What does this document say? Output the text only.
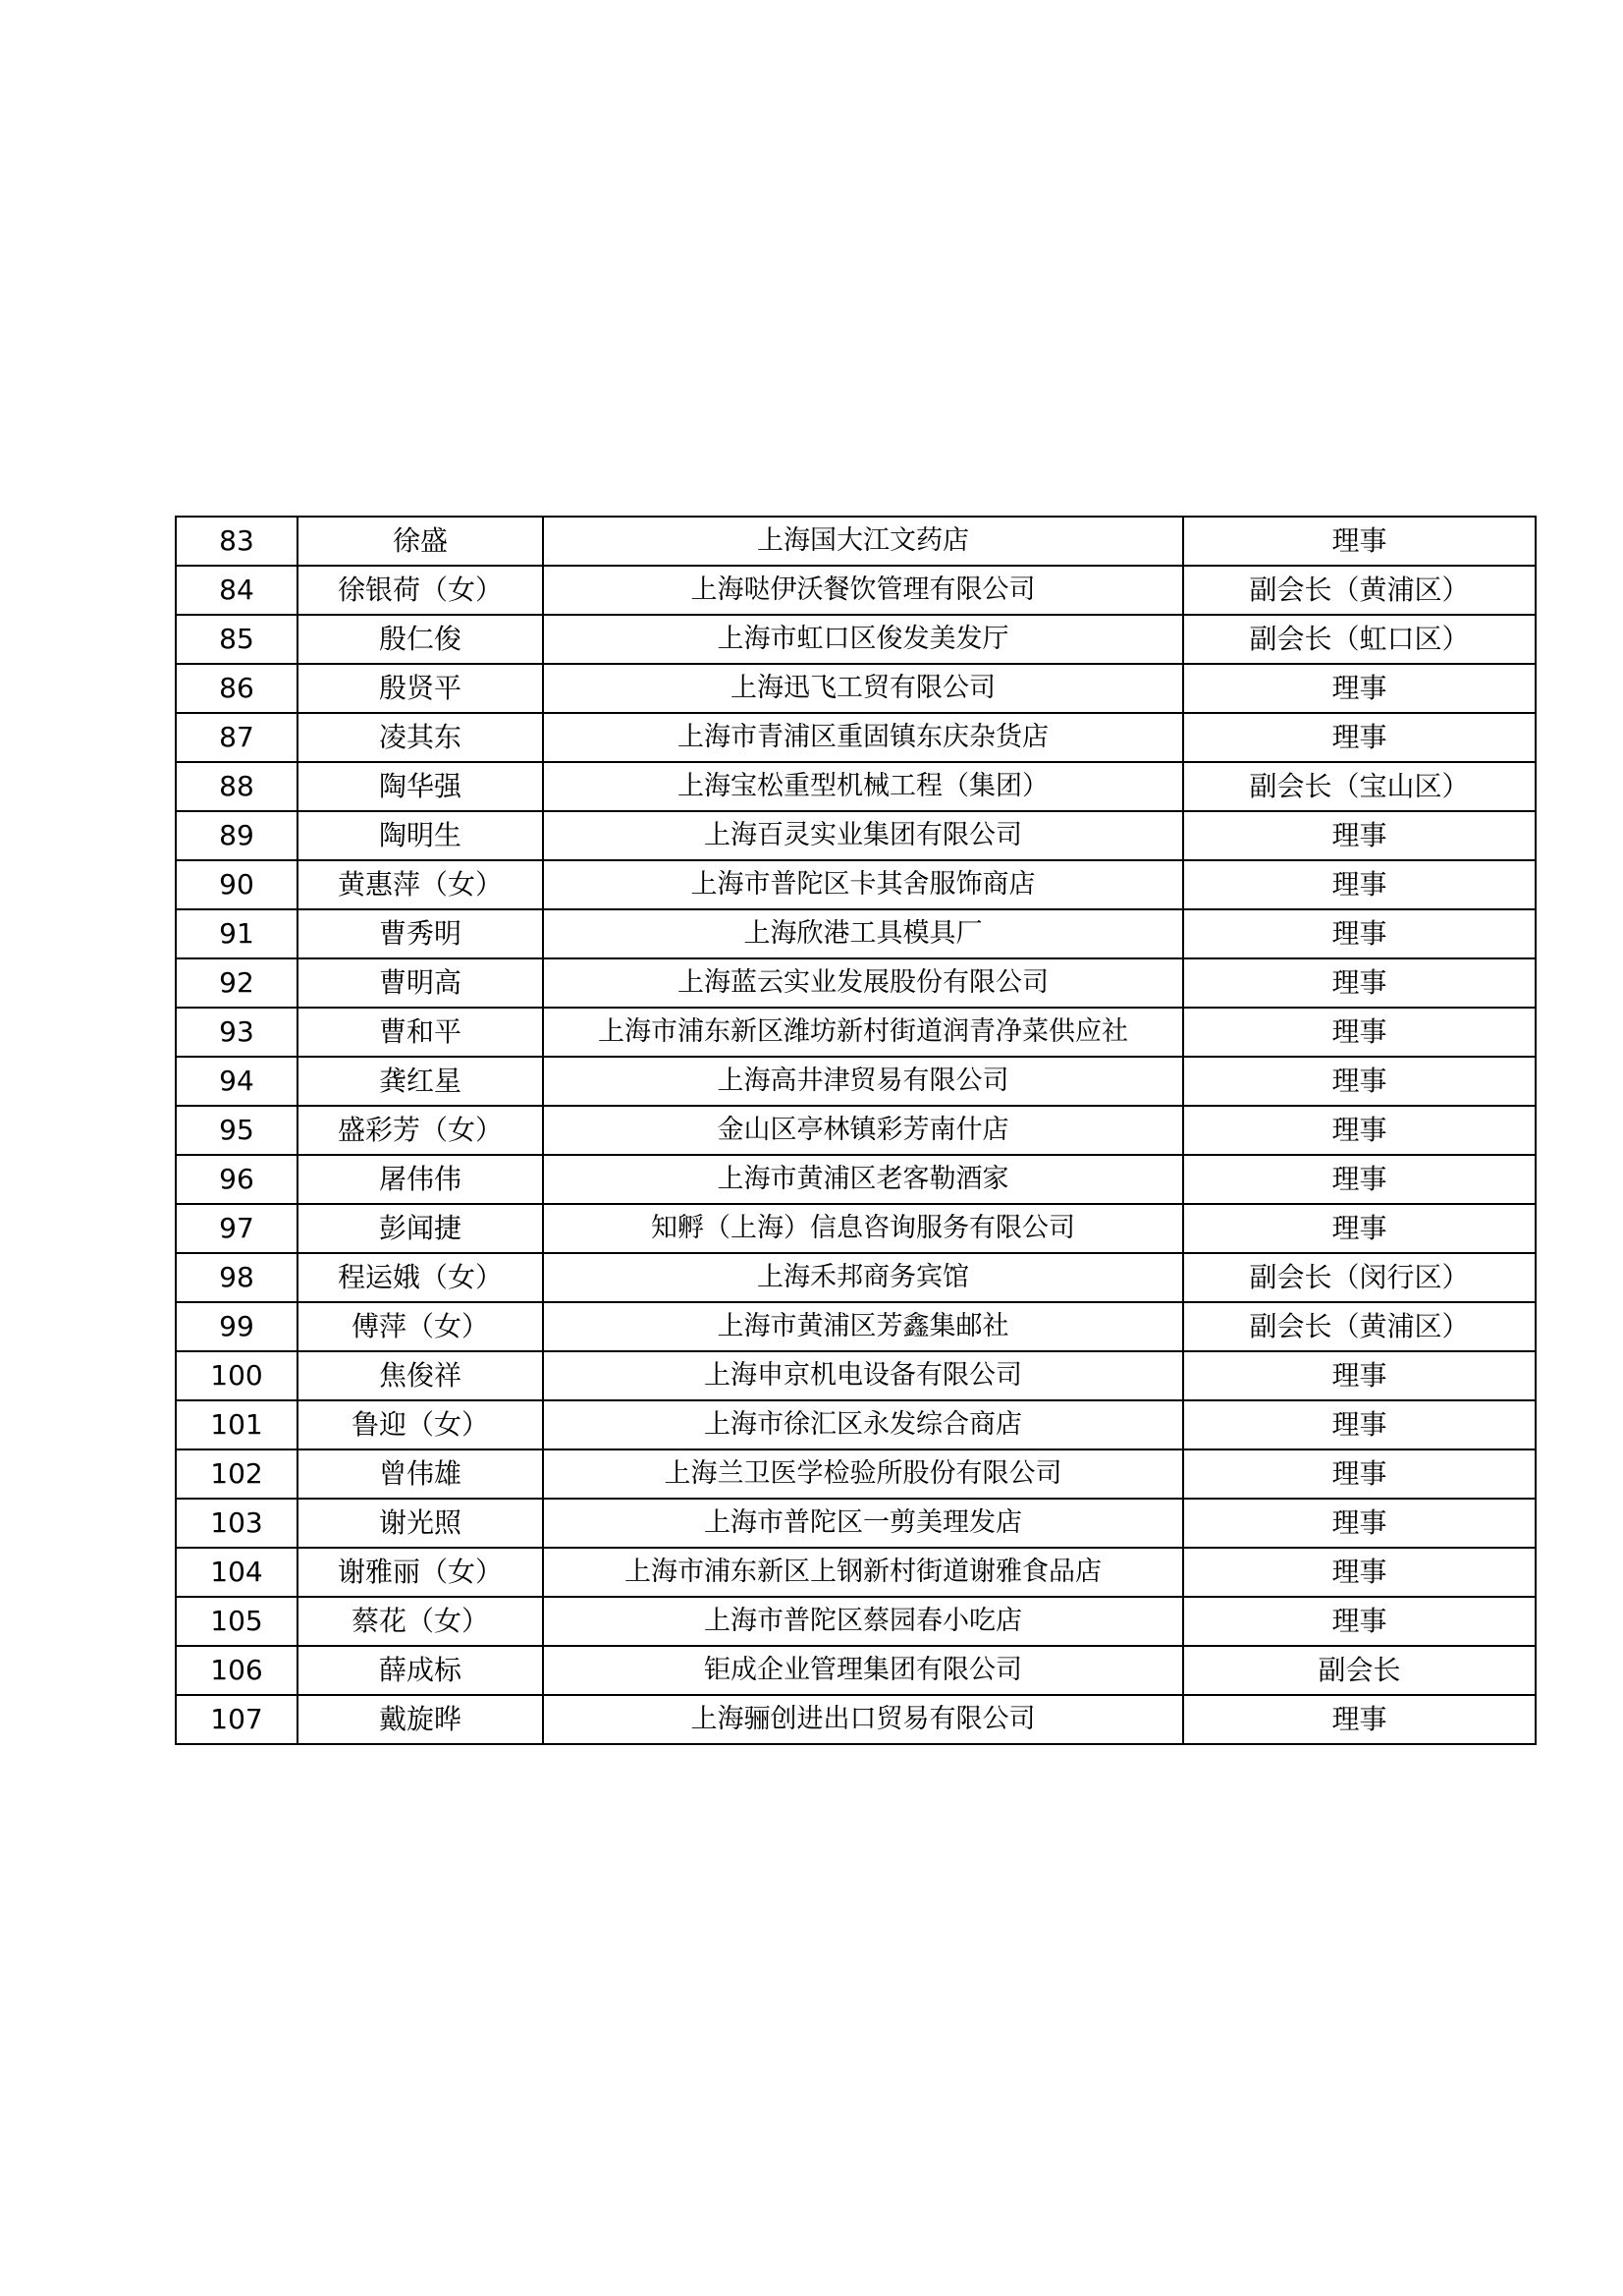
83	徐盛	上海国大江文药店	理事
84	徐银荷（女）	上海哒伊沃餐饮管理有限公司	副会长（黄浦区）
85	殷仁俊	上海市虹口区俊发美发厅	副会长（虹口区）
86	殷贤平	上海迅飞工贸有限公司	理事
87	凌其东	上海市青浦区重固镇东庆杂货店	理事
88	陶华强	上海宝松重型机械工程（集团）	副会长（宝山区）
89	陶明生	上海百灵实业集团有限公司	理事
90	黄惠萍（女）	上海市普陀区卡其舍服饰商店	理事
91	曹秀明	上海欣港工具模具厂	理事
92	曹明高	上海蓝云实业发展股份有限公司	理事
93	曹和平	上海市浦东新区潍坊新村街道润青净菜供应社	理事
94	龚红星	上海高井津贸易有限公司	理事
95	盛彩芳（女）	金山区亭林镇彩芳南什店	理事
96	屠伟伟	上海市黄浦区老客勒酒家	理事
97	彭闻捷	知孵（上海）信息咨询服务有限公司	理事
98	程运娥（女）	上海禾邦商务宾馆	副会长（闵行区）
99	傅萍（女）	上海市黄浦区芳鑫集邮社	副会长（黄浦区）
100	焦俊祥	上海申京机电设备有限公司	理事
101	鲁迎（女）	上海市徐汇区永发综合商店	理事
102	曾伟雄	上海兰卫医学检验所股份有限公司	理事
103	谢光照	上海市普陀区一剪美理发店	理事
104	谢雅丽（女）	上海市浦东新区上钢新村街道谢雅食品店	理事
105	蔡花（女）	上海市普陀区蔡园春小吃店	理事
106	薛成标	钜成企业管理集团有限公司	副会长
107	戴旋晔	上海骊创进出口贸易有限公司	理事
